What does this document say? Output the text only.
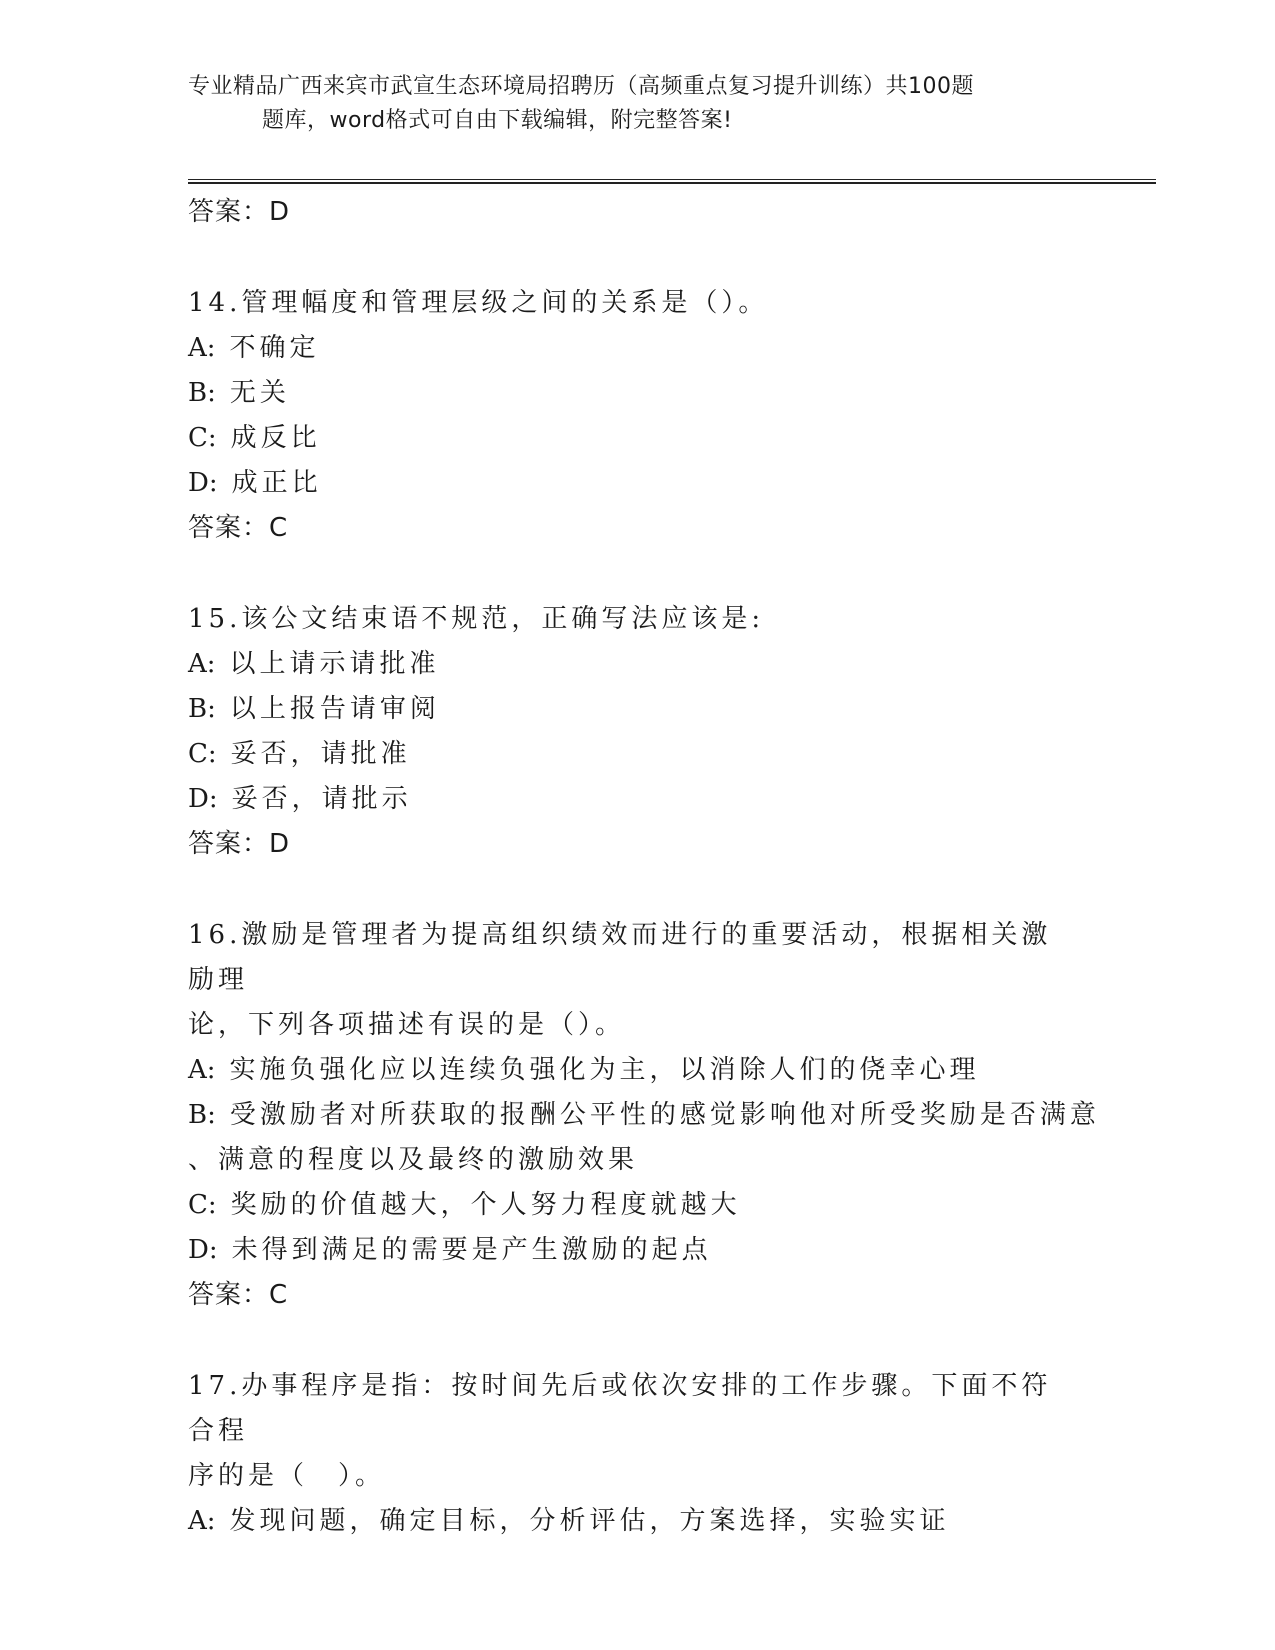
专业精品广西来宾市武宣生态环境局招聘历（高频重点复习提升训练）共100题
题库，word格式可自由下载编辑，附完整答案!

答案：D

14.管理幅度和管理层级之间的关系是（）。

A: 不确定

B: 无关

C: 成反比

D: 成正比

答案：C

15.该公文结束语不规范，正确写法应该是:

A: 以上请示请批准

B: 以上报告请审阅

C: 妥否，请批准

D: 妥否，请批示

答案：D

16.激励是管理者为提高组织绩效而进行的重要活动，根据相关激励理

论，下列各项描述有误的是（）。

A: 实施负强化应以连续负强化为主，以消除人们的侥幸心理

B: 受激励者对所获取的报酬公平性的感觉影响他对所受奖励是否满意

、满意的程度以及最终的激励效果

C: 奖励的价值越大，个人努力程度就越大

D: 未得到满足的需要是产生激励的起点

答案：C

17.办事程序是指：按时间先后或依次安排的工作步骤。下面不符合程

序的是（　）。

A: 发现问题，确定目标，分析评估，方案选择，实验实证
